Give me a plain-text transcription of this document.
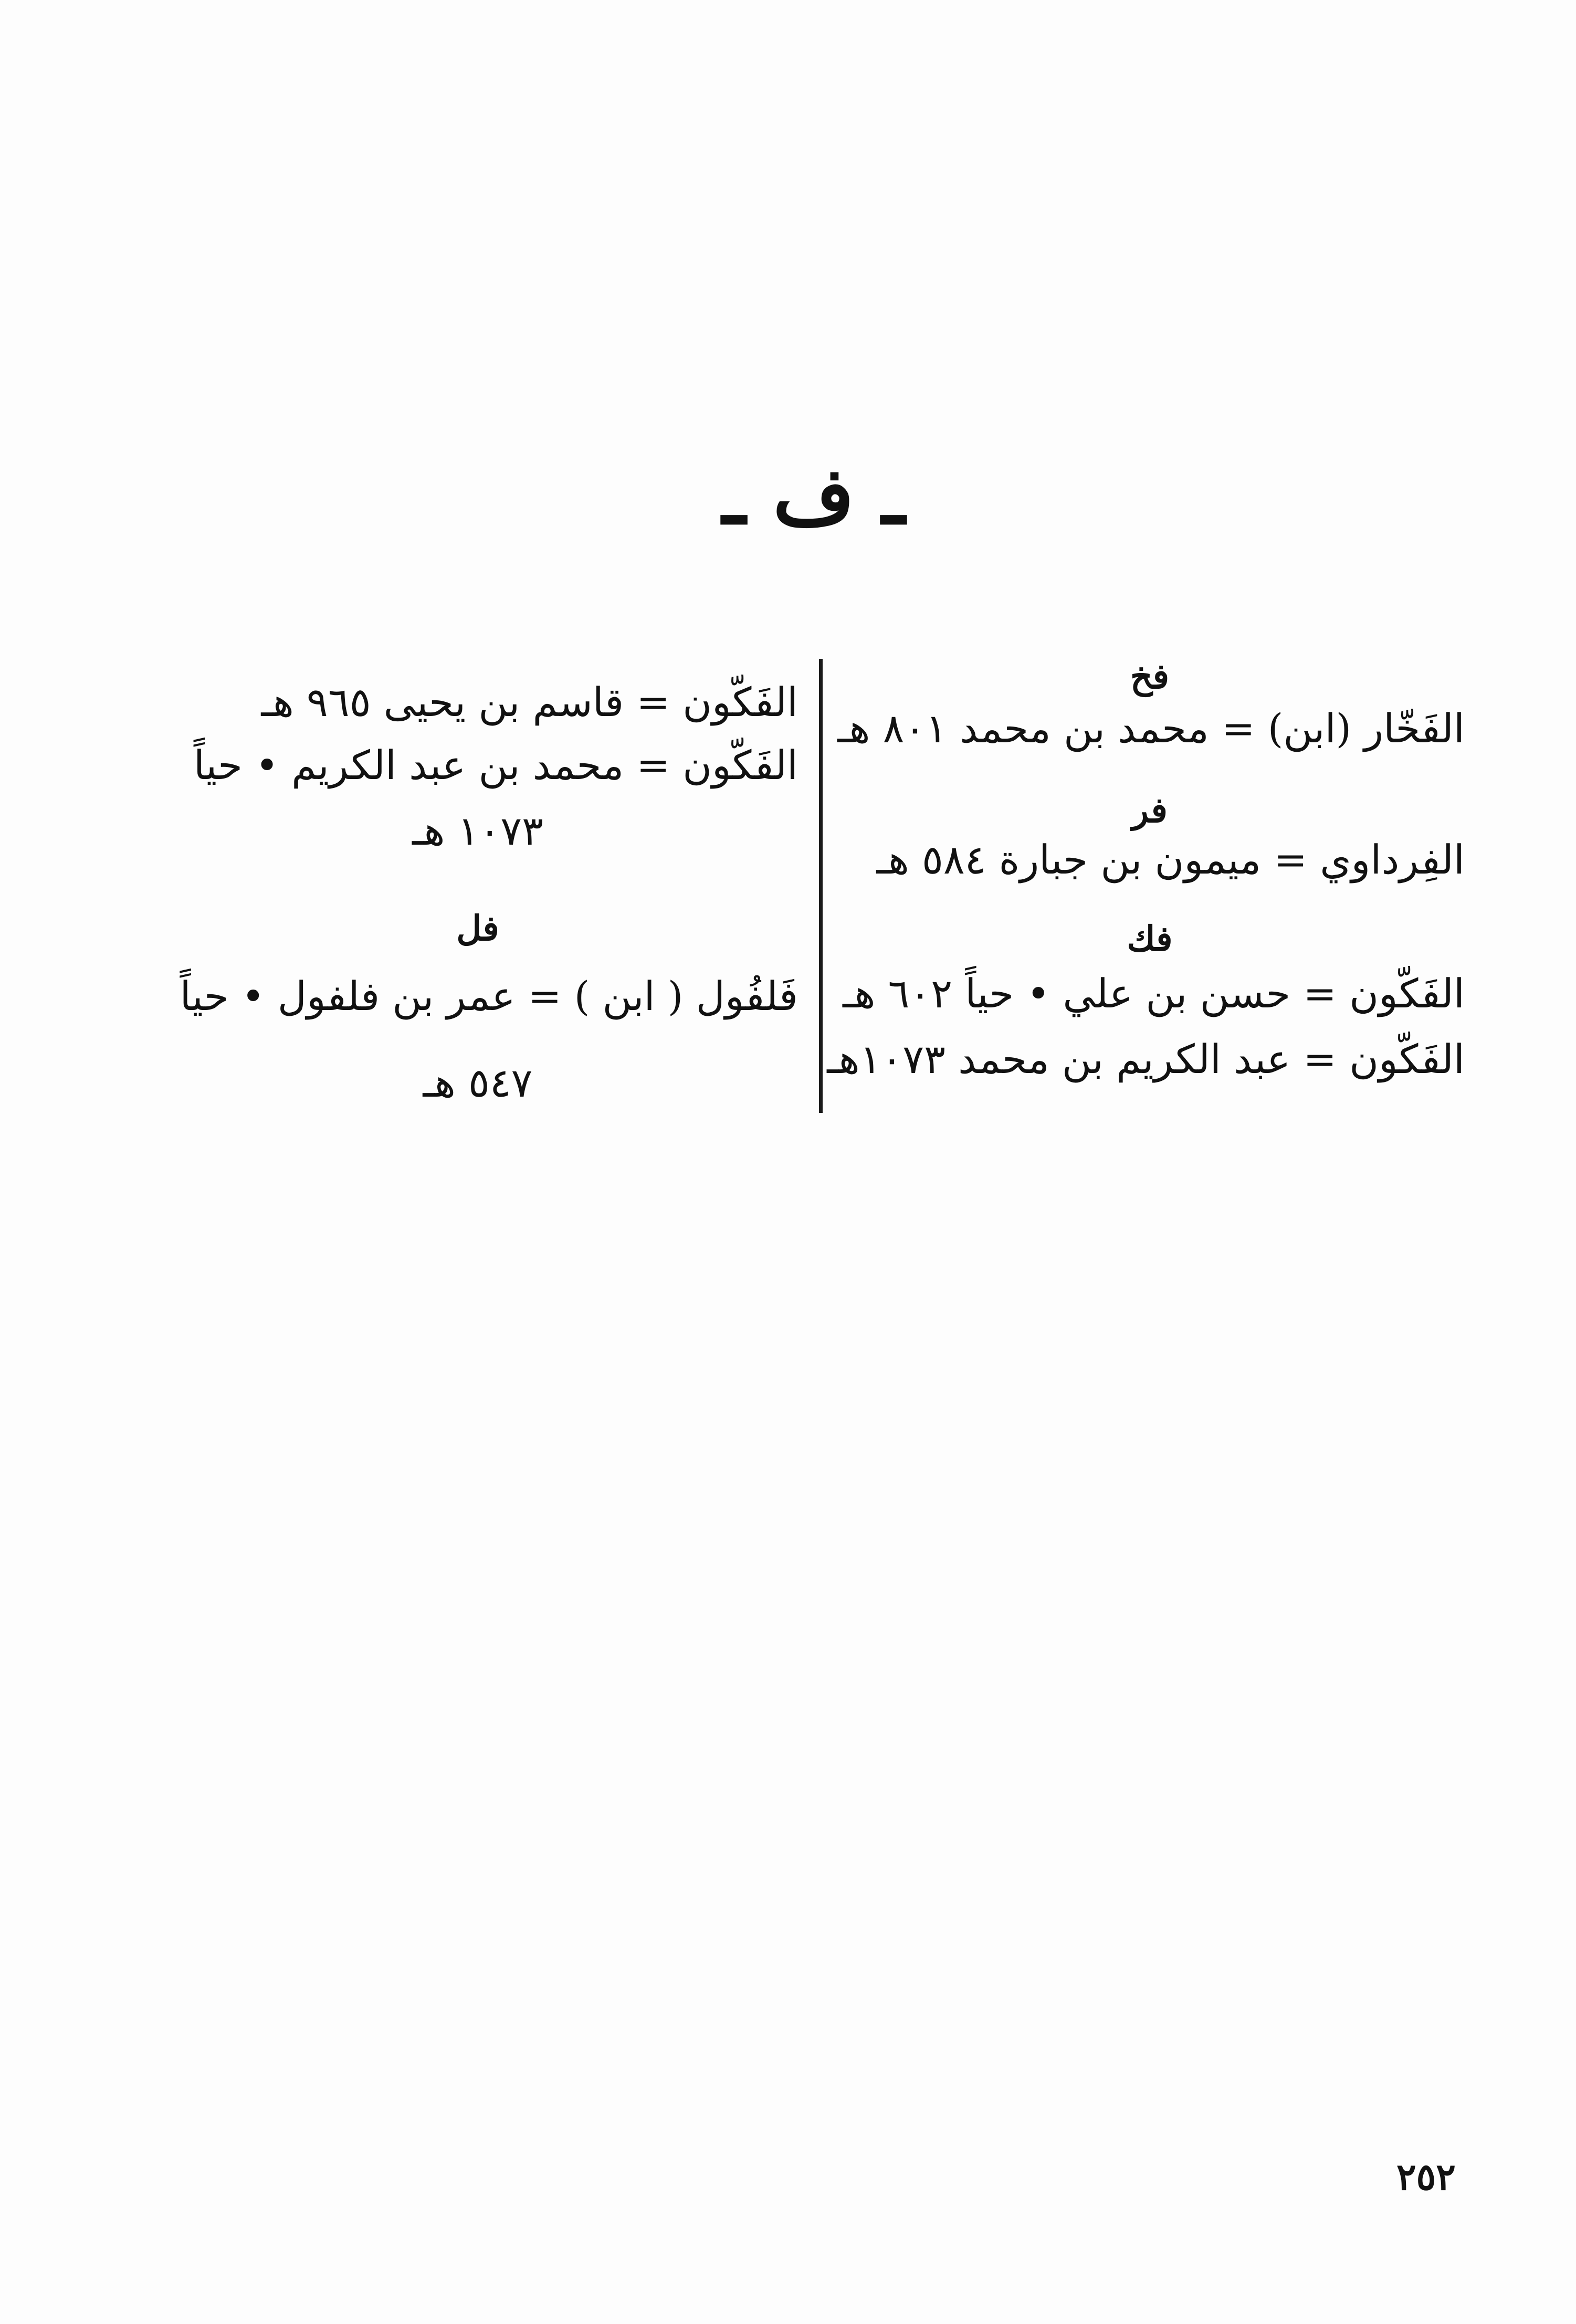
ـ ف ـ
فخ
الفَخّار (ابن) = محمد بن محمد ٨٠١ هـ
فر
الفِرداوي = ميمون بن جبارة ٥٨٤ هـ
فك
الفَكّون = حسن بن علي • حياً ٦٠٢ هـ
الفَكّون = عبد الكريم بن محمد ١٠٧٣هـ
الفَكّون = قاسم بن يحيى ٩٦٥ هـ
الفَكّون = محمد بن عبد الكريم • حياً
١٠٧٣ هـ
فل
فَلفُول ( ابن ) = عمر بن فلفول • حياً
٥٤٧ هـ
٢٥٢
